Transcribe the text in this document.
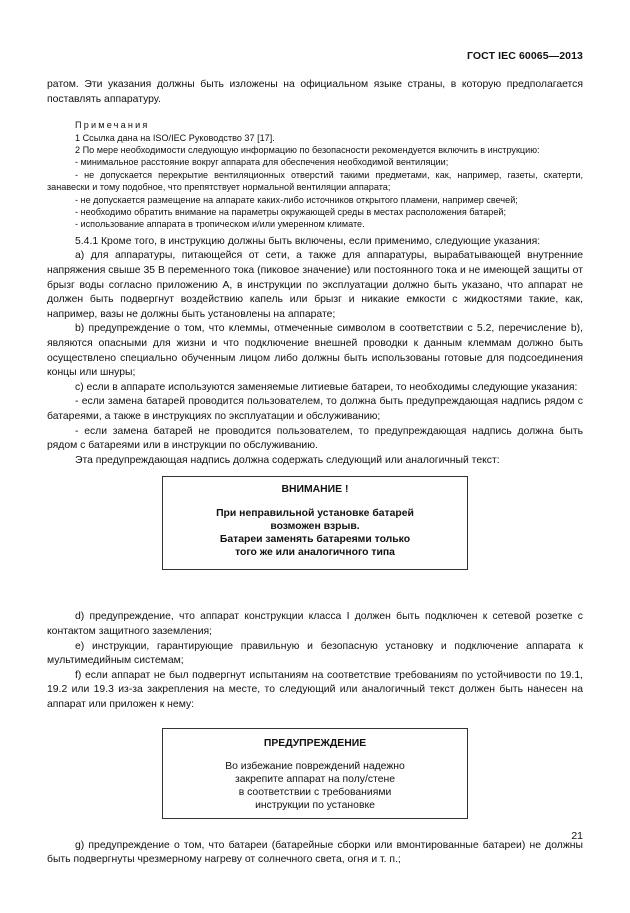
ГОСТ IEC 60065—2013

ратом. Эти указания должны быть изложены на официальном языке страны, в которую предполагается поставлять аппаратуру.

Примечания

1 Ссылка дана на ISO/IEC Руководство 37 [17].

2 По мере необходимости следующую информацию по безопасности рекомендуется включить в инструкцию:

- минимальное расстояние вокруг аппарата для обеспечения необходимой вентиляции;

- не допускается перекрытие вентиляционных отверстий такими предметами, как, например, газеты, скатерти, занавески и тому подобное, что препятствует нормальной вентиляции аппарата;

- не допускается размещение на аппарате каких-либо источников открытого пламени, например свечей;

- необходимо обратить внимание на параметры окружающей среды в местах расположения батарей;

- использование аппарата в тропическом и/или умеренном климате.

5.4.1 Кроме того, в инструкцию должны быть включены, если применимо, следующие указания:

a) для аппаратуры, питающейся от сети, а также для аппаратуры, вырабатывающей внутренние напряжения свыше 35 В переменного тока (пиковое значение) или постоянного тока и не имеющей защиты от брызг воды согласно приложению А, в инструкции по эксплуатации должно быть указано, что аппарат не должен быть подвергнут воздействию капель или брызг и никакие емкости с жидкостями такие, как, например, вазы не должны быть установлены на аппарате;

b) предупреждение о том, что клеммы, отмеченные символом в соответствии с 5.2, перечисление b), являются опасными для жизни и что подключение внешней проводки к данным клеммам должно быть осуществлено специально обученным лицом либо должны быть использованы готовые для подсоединения концы или шнуры;

c) если в аппарате используются заменяемые литиевые батареи, то необходимы следующие указания:

- если замена батарей проводится пользователем, то должна быть предупреждающая надпись рядом с батареями, а также в инструкциях по эксплуатации и обслуживанию;

- если замена батарей не проводится пользователем, то предупреждающая надпись должна быть рядом с батареями или в инструкции по обслуживанию.

Эта предупреждающая надпись должна содержать следующий или аналогичный текст:

ВНИМАНИЕ !
При неправильной установке батарей
возможен взрыв.
Батареи заменять батареями только
того же или аналогичного типа

d) предупреждение, что аппарат конструкции класса I должен быть подключен к сетевой розетке с контактом защитного заземления;

e) инструкции, гарантирующие правильную и безопасную установку и подключение аппарата к мультимедийным системам;

f) если аппарат не был подвергнут испытаниям на соответствие требованиям по устойчивости по 19.1, 19.2 или 19.3 из-за закрепления на месте, то следующий или аналогичный текст должен быть нанесен на аппарат или приложен к нему:

ПРЕДУПРЕЖДЕНИЕ
Во избежание повреждений надежно
закрепите аппарат на полу/стене
в соответствии с требованиями
инструкции по установке

g) предупреждение о том, что батареи (батарейные сборки или вмонтированные батареи) не должны быть подвергнуты чрезмерному нагреву от солнечного света, огня и т. п.;

21
